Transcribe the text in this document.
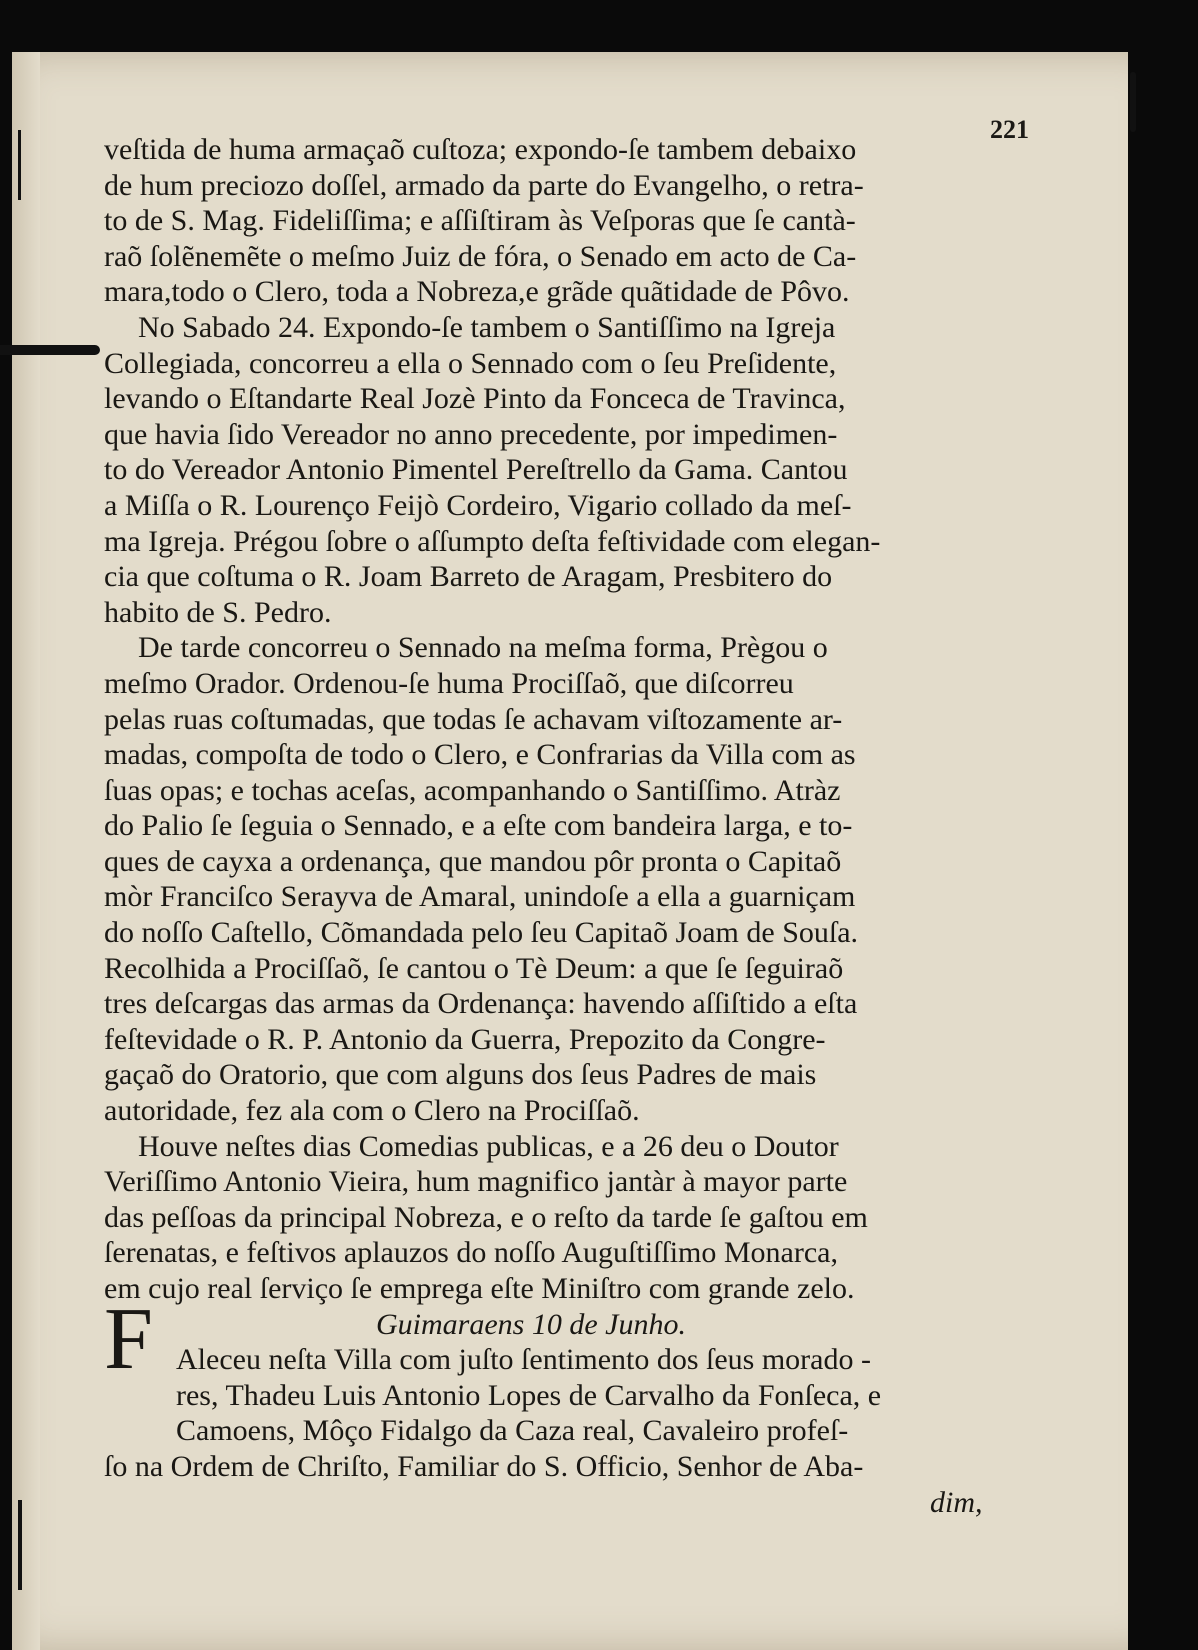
221
F
veſtida de huma armaçaõ cuſtoza; expondo-ſe tambem debaixo
de hum preciozo doſſel, armado da parte do Evangelho, o retra-
to de S. Mag. Fideliſſima; e aſſiſtiram às Veſporas que ſe cantà-
raõ ſolẽnemẽte o meſmo Juiz de fóra, o Senado em acto de Ca-
mara,todo o Clero, toda a Nobreza,e grãde quãtidade de Pôvo.
No Sabado 24. Expondo-ſe tambem o Santiſſimo na Igreja
Collegiada, concorreu a ella o Sennado com o ſeu Preſidente,
levando o Eſtandarte Real Jozè Pinto da Fonceca de Travinca,
que havia ſido Vereador no anno precedente, por impedimen-
to do Vereador Antonio Pimentel Pereſtrello da Gama. Cantou
a Miſſa o R. Lourenço Feijò Cordeiro, Vigario collado da meſ-
ma Igreja. Prégou ſobre o aſſumpto deſta feſtividade com elegan-
cia que coſtuma o R. Joam Barreto de Aragam, Presbitero do
habito de S. Pedro.
De tarde concorreu o Sennado na meſma forma, Prègou o
meſmo Orador. Ordenou-ſe huma Prociſſaõ, que diſcorreu
pelas ruas coſtumadas, que todas ſe achavam viſtozamente ar-
madas, compoſta de todo o Clero, e Confrarias da Villa com as
ſuas opas; e tochas aceſas, acompanhando o Santiſſimo. Atràz
do Palio ſe ſeguia o Sennado, e a eſte com bandeira larga, e to-
ques de cayxa a ordenança, que mandou pôr pronta o Capitaõ
mòr Franciſco Serayva de Amaral, unindoſe a ella a guarniçam
do noſſo Caſtello, Cõmandada pelo ſeu Capitaõ Joam de Souſa.
Recolhida a Prociſſaõ, ſe cantou o Tè Deum: a que ſe ſeguiraõ
tres deſcargas das armas da Ordenança: havendo aſſiſtido a eſta
feſtevidade o R. P. Antonio da Guerra, Prepozito da Congre-
gaçaõ do Oratorio, que com alguns dos ſeus Padres de mais
autoridade, fez ala com o Clero na Prociſſaõ.
Houve neſtes dias Comedias publicas, e a 26 deu o Doutor
Veriſſimo Antonio Vieira, hum magnifico jantàr à mayor parte
das peſſoas da principal Nobreza, e o reſto da tarde ſe gaſtou em
ſerenatas, e feſtivos aplauzos do noſſo Auguſtiſſimo Monarca,
em cujo real ſerviço ſe emprega eſte Miniſtro com grande zelo.
Guimaraens 10 de Junho.
Aleceu neſta Villa com juſto ſentimento dos ſeus morado -
res, Thadeu Luis Antonio Lopes de Carvalho da Fonſeca, e
Camoens, Môço Fidalgo da Caza real, Cavaleiro profeſ-
ſo na Ordem de Chriſto, Familiar do S. Officio, Senhor de Aba-
dim,
